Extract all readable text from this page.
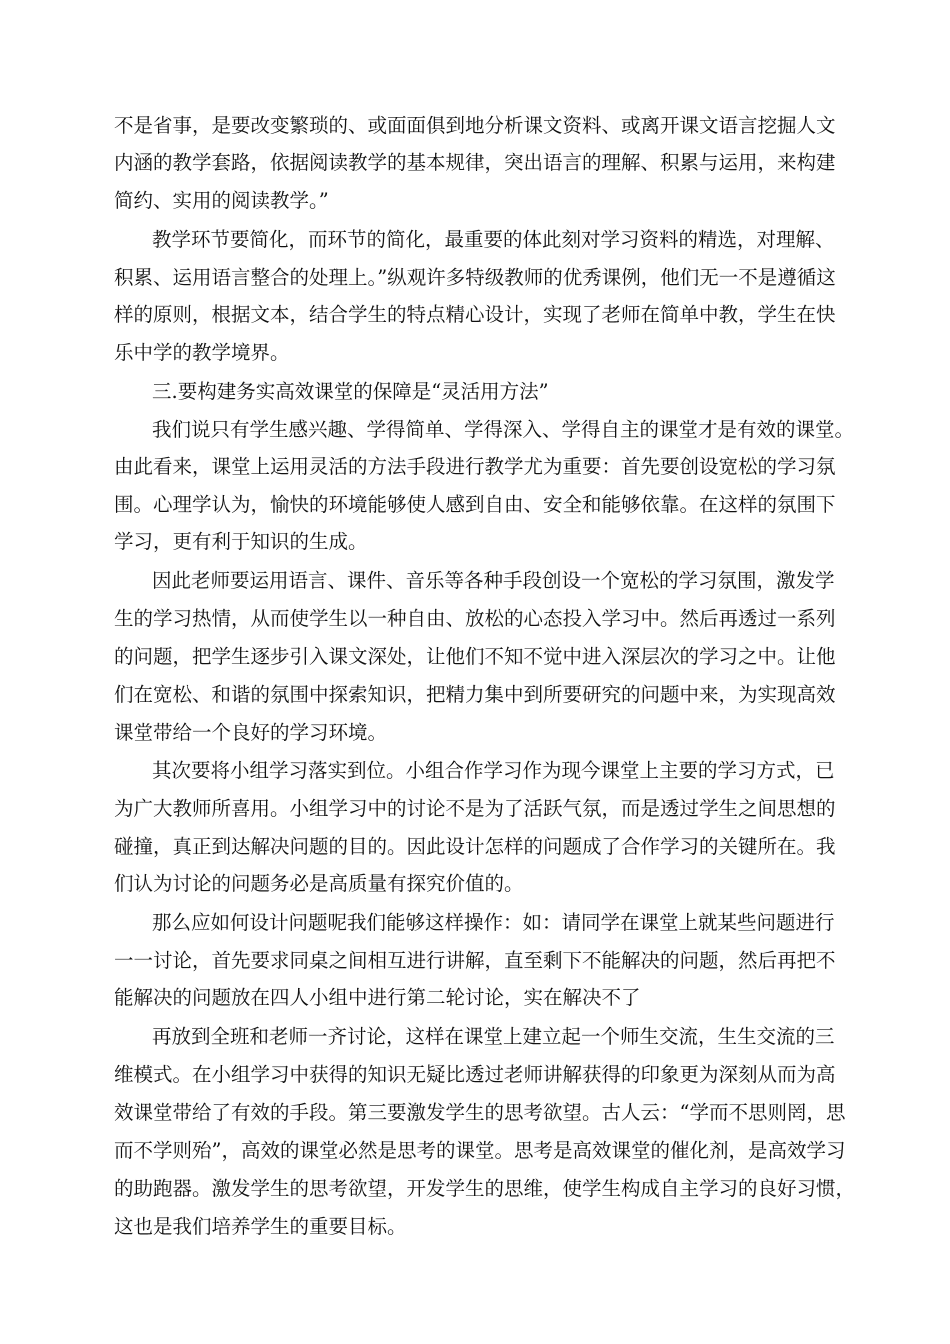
不是省事，是要改变繁琐的、或面面俱到地分析课文资料、或离开课文语言挖掘人文

内涵的教学套路，依据阅读教学的基本规律，突出语言的理解、积累与运用，来构建

简约、实用的阅读教学。”

教学环节要简化，而环节的简化，最重要的体此刻对学习资料的精选，对理解、

积累、运用语言整合的处理上。”纵观许多特级教师的优秀课例，他们无一不是遵循这

样的原则，根据文本，结合学生的特点精心设计，实现了老师在简单中教，学生在快

乐中学的教学境界。

三.要构建务实高效课堂的保障是“灵活用方法”

我们说只有学生感兴趣、学得简单、学得深入、学得自主的课堂才是有效的课堂。

由此看来，课堂上运用灵活的方法手段进行教学尤为重要：首先要创设宽松的学习氛

围。心理学认为，愉快的环境能够使人感到自由、安全和能够依靠。在这样的氛围下

学习，更有利于知识的生成。

因此老师要运用语言、课件、音乐等各种手段创设一个宽松的学习氛围，激发学

生的学习热情，从而使学生以一种自由、放松的心态投入学习中。然后再透过一系列

的问题，把学生逐步引入课文深处，让他们不知不觉中进入深层次的学习之中。让他

们在宽松、和谐的氛围中探索知识，把精力集中到所要研究的问题中来，为实现高效

课堂带给一个良好的学习环境。

其次要将小组学习落实到位。小组合作学习作为现今课堂上主要的学习方式，已

为广大教师所喜用。小组学习中的讨论不是为了活跃气氛，而是透过学生之间思想的

碰撞，真正到达解决问题的目的。因此设计怎样的问题成了合作学习的关键所在。我

们认为讨论的问题务必是高质量有探究价值的。

那么应如何设计问题呢我们能够这样操作：如：请同学在课堂上就某些问题进行

一一讨论，首先要求同桌之间相互进行讲解，直至剩下不能解决的问题，然后再把不

能解决的问题放在四人小组中进行第二轮讨论，实在解决不了

再放到全班和老师一齐讨论，这样在课堂上建立起一个师生交流，生生交流的三

维模式。在小组学习中获得的知识无疑比透过老师讲解获得的印象更为深刻从而为高

效课堂带给了有效的手段。第三要激发学生的思考欲望。古人云：“学而不思则罔，思

而不学则殆”，高效的课堂必然是思考的课堂。思考是高效课堂的催化剂，是高效学习

的助跑器。激发学生的思考欲望，开发学生的思维，使学生构成自主学习的良好习惯，

这也是我们培养学生的重要目标。
